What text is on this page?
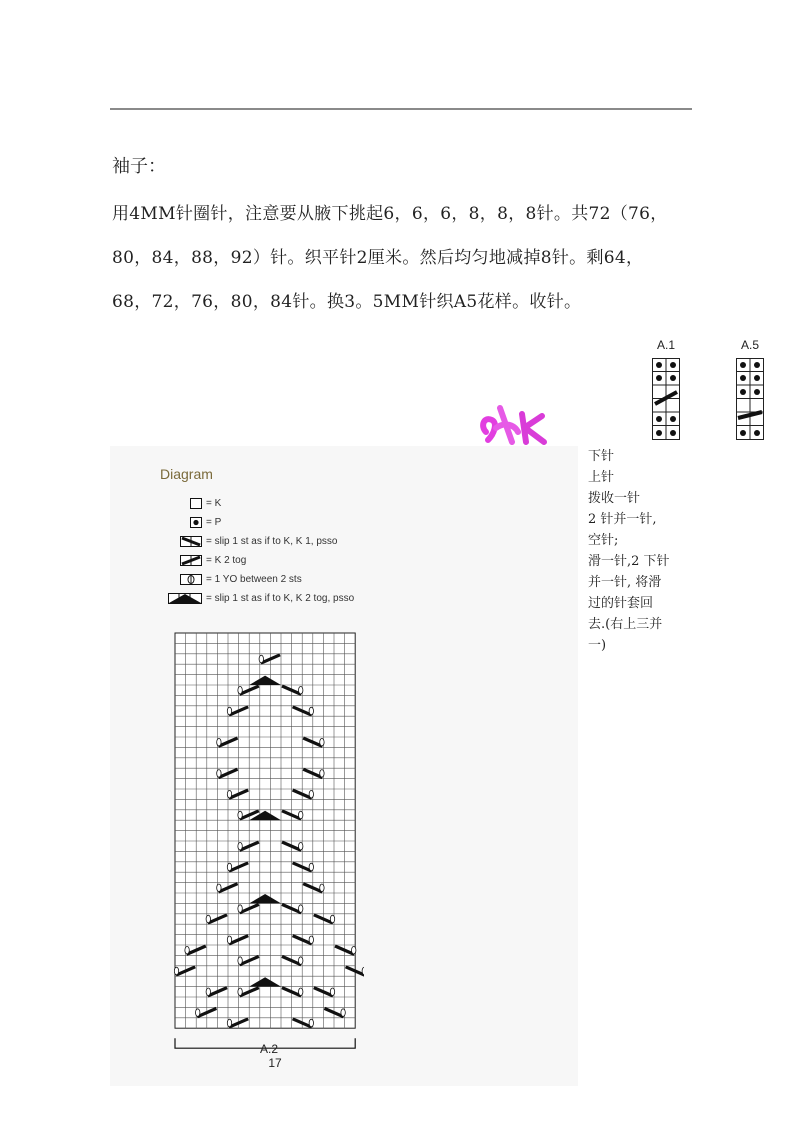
袖子：
用4MM针圈针，注意要从腋下挑起6，6，6，8，8，8针。共72（76，
80，84，88，92）针。织平针2厘米。然后均匀地减掉8针。剩64，
68，72，76，80，84针。换3。5MM针织A5花样。收针。
A.1	A.5
Diagram
= K
= P
= slip 1 st as if to K, K 1, psso
= K 2 tog
= 1 YO between 2 sts
= slip 1 st as if to K, K 2 tog, psso
A.2
17
下针
上针
拨收一针
2 针并一针,
空针;
滑一针,2 下针
并一针, 将滑
过的针套回
去.(右上三并
一)
